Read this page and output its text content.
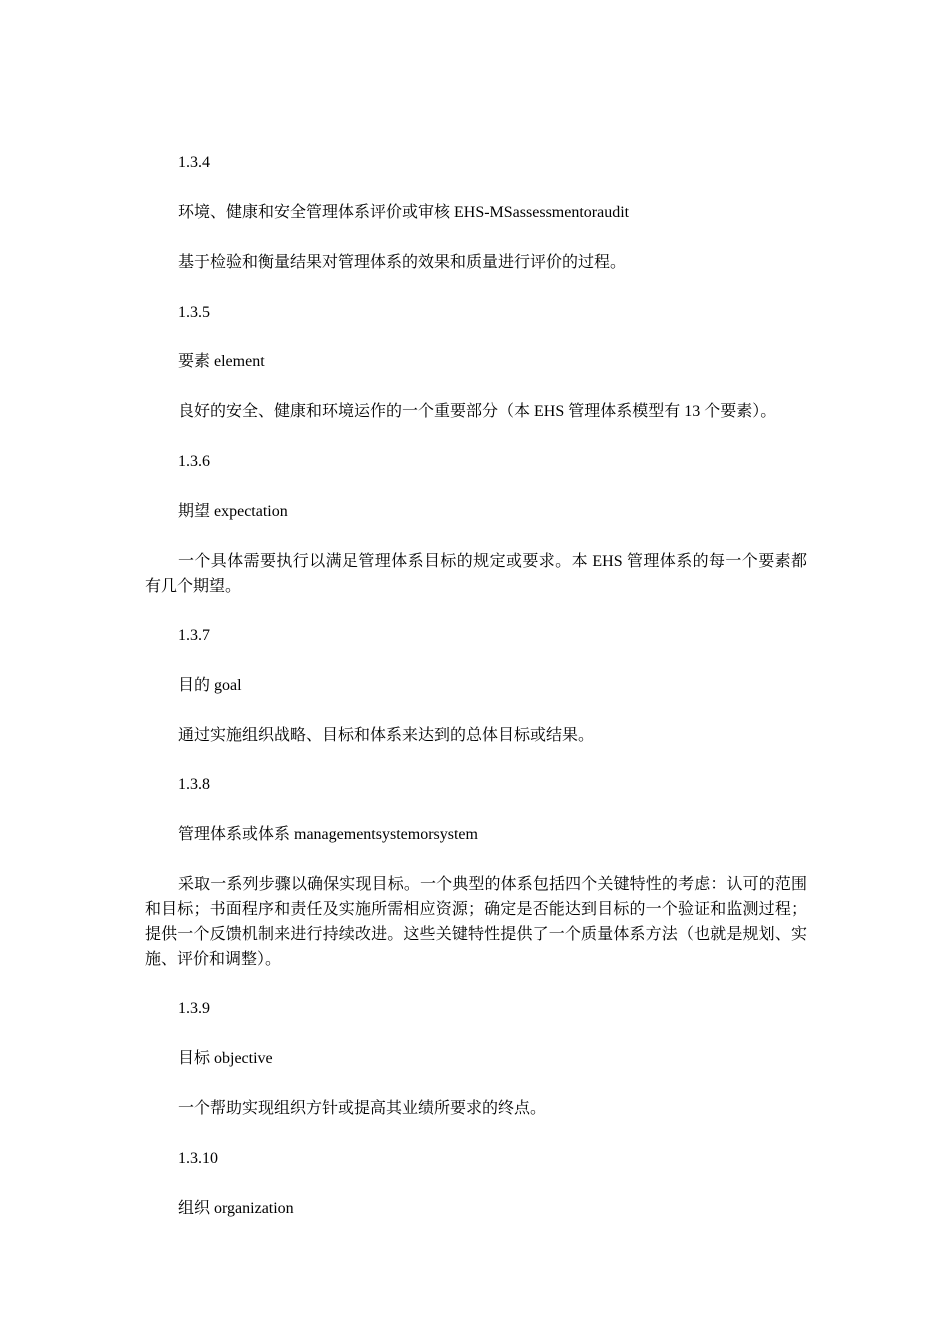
1.3.4
环境、健康和安全管理体系评价或审核 EHS-MSassessmentoraudit
基于检验和衡量结果对管理体系的效果和质量进行评价的过程。
1.3.5
要素 element
良好的安全、健康和环境运作的一个重要部分（本 EHS 管理体系模型有 13 个要素）。
1.3.6
期望 expectation
一个具体需要执行以满足管理体系目标的规定或要求。本 EHS 管理体系的每一个要素都有几个期望。
1.3.7
目的 goal
通过实施组织战略、目标和体系来达到的总体目标或结果。
1.3.8
管理体系或体系 managementsystemorsystem
采取一系列步骤以确保实现目标。一个典型的体系包括四个关键特性的考虑：认可的范围和目标；书面程序和责任及实施所需相应资源；确定是否能达到目标的一个验证和监测过程；提供一个反馈机制来进行持续改进。这些关键特性提供了一个质量体系方法（也就是规划、实施、评价和调整）。
1.3.9
目标 objective
一个帮助实现组织方针或提高其业绩所要求的终点。
1.3.10
组织 organization
